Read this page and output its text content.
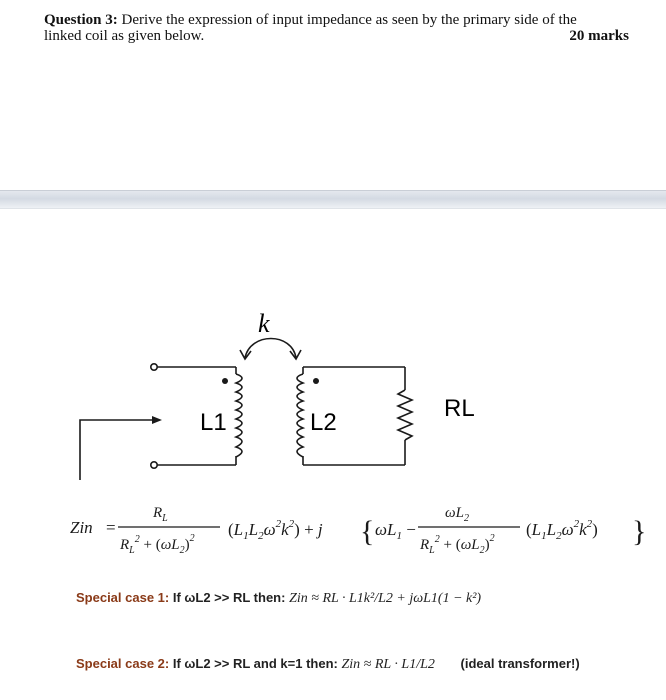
Question 3: Derive the expression of input impedance as seen by the primary side of the
linked coil as given below.	20 marks
k
L1	L2
RL
Zin =
$R_L$
$R_L^2 + (\omega L_2)^2$ $(L_1L_2\omega^2k^2) + j$ { $\omega L_1$ −
$\omega L_2$
$R_L^2 + (\omega L_2)^2$ $(L_1L_2\omega^2k^2)$ }
Special case 1: If ωL2 >> RL then: Zin ≈ RL · L1k²/L2 + jωL1(1 − k²)
Special case 2: If ωL2 >> RL and k=1 then: Zin ≈ RL · L1/L2 (ideal transformer!)
